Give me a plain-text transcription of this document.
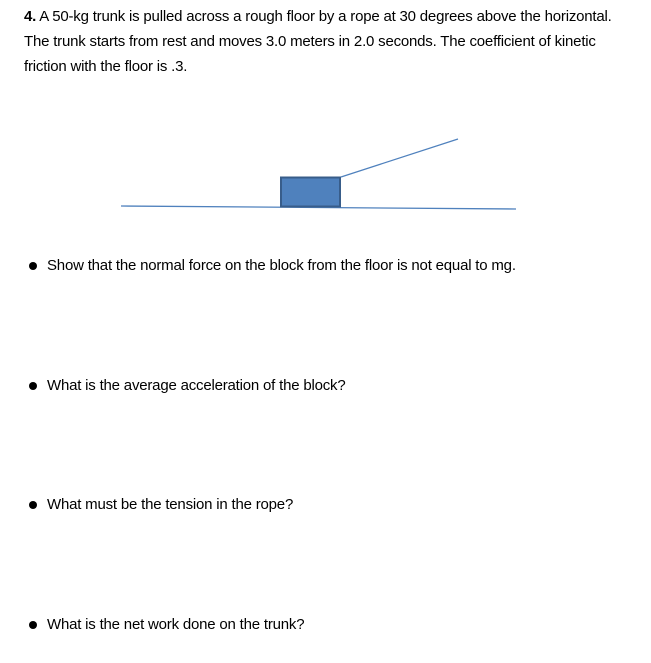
4. A 50-kg trunk is pulled across a rough floor by a rope at 30 degrees above the horizontal. The trunk starts from rest and moves 3.0 meters in 2.0 seconds. The coefficient of kinetic friction with the floor is .3.
Show that the normal force on the block from the floor is not equal to mg.
What is the average acceleration of the block?
What must be the tension in the rope?
What is the net work done on the trunk?
